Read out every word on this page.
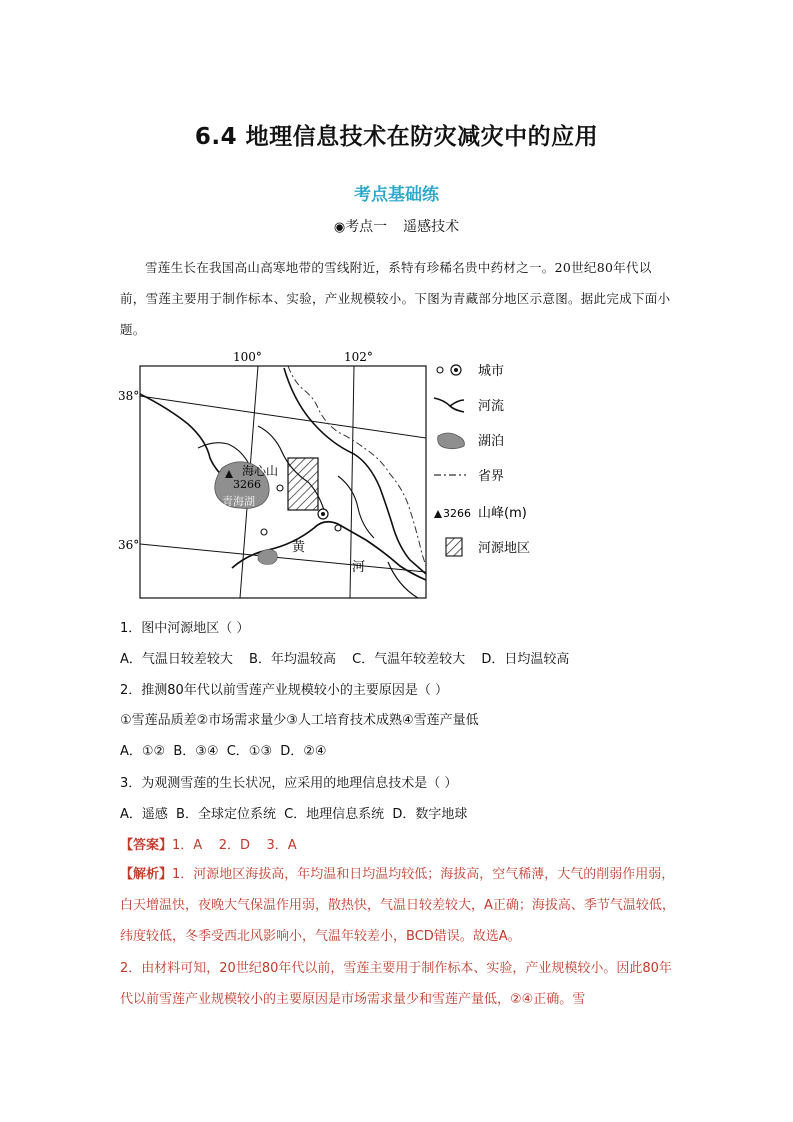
6.4 地理信息技术在防灾减灾中的应用
考点基础练
◉考点一 遥感技术
雪莲生长在我国高山高寒地带的雪线附近，系特有珍稀名贵中药材之一。20世纪80年代以前，雪莲主要用于制作标本、实验，产业规模较小。下图为青藏部分地区示意图。据此完成下面小题。
100°	102°
38°
36°
海心山
3266
青海湖
黄
河
城市
河流
湖泊
省界
3266 山峰(m)
河源地区
1．图中河源地区（ ）
A．气温日较差较大 B．年均温较高 C．气温年较差较大 D．日均温较高
2．推测80年代以前雪莲产业规模较小的主要原因是（ ）
①雪莲品质差②市场需求量少③人工培育技术成熟④雪莲产量低
A．①② B．③④ C．①③ D．②④
3．为观测雪莲的生长状况，应采用的地理信息技术是（ ）
A．遥感 B．全球定位系统 C．地理信息系统 D．数字地球
【答案】1．A    2．D    3．A
【解析】1．河源地区海拔高，年均温和日均温均较低；海拔高，空气稀薄，大气的削弱作用弱，白天增温快，夜晚大气保温作用弱，散热快，气温日较差较大，A正确；海拔高、季节气温较低，纬度较低，冬季受西北风影响小，气温年较差小，BCD错误。故选A。
2．由材料可知，20世纪80年代以前，雪莲主要用于制作标本、实验，产业规模较小。因此80年代以前雪莲产业规模较小的主要原因是市场需求量少和雪莲产量低，②④正确。雪
